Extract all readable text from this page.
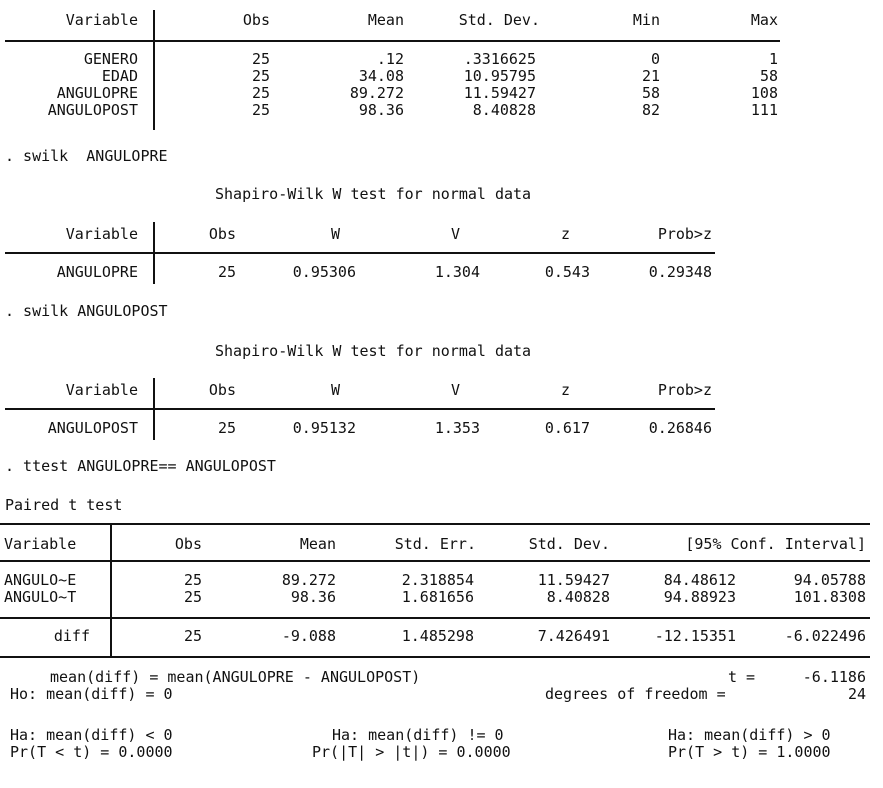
Variable	Obs	Mean	Std. Dev.	Min	Max
GENERO	25	.12	.3316625	0	1
EDAD	25	34.08	10.95795	21	58
ANGULOPRE	25	89.272	11.59427	58	108
ANGULOPOST	25	98.36	8.40828	82	111
. swilk  ANGULOPRE
Shapiro-Wilk W test for normal data
Variable	Obs	W	V	z	Prob>z
ANGULOPRE	25	0.95306	1.304	0.543	0.29348
. swilk ANGULOPOST
Shapiro-Wilk W test for normal data
Variable	Obs	W	V	z	Prob>z
ANGULOPOST	25	0.95132	1.353	0.617	0.26846
. ttest ANGULOPRE== ANGULOPOST
Paired t test
Variable	Obs	Mean	Std. Err.	Std. Dev.	[95% Conf. Interval]
ANGULO~E	25	89.272	2.318854	11.59427	84.48612	94.05788
ANGULO~T	25	98.36	1.681656	8.40828	94.88923	101.8308
diff	25	-9.088	1.485298	7.426491	-12.15351	-6.022496
mean(diff) = mean(ANGULOPRE - ANGULOPOST)	t =	-6.1186
Ho: mean(diff) = 0	degrees of freedom =	24
Ha: mean(diff) < 0	Ha: mean(diff) != 0	Ha: mean(diff) > 0
Pr(T < t) = 0.0000	Pr(|T| > |t|) = 0.0000	Pr(T > t) = 1.0000
